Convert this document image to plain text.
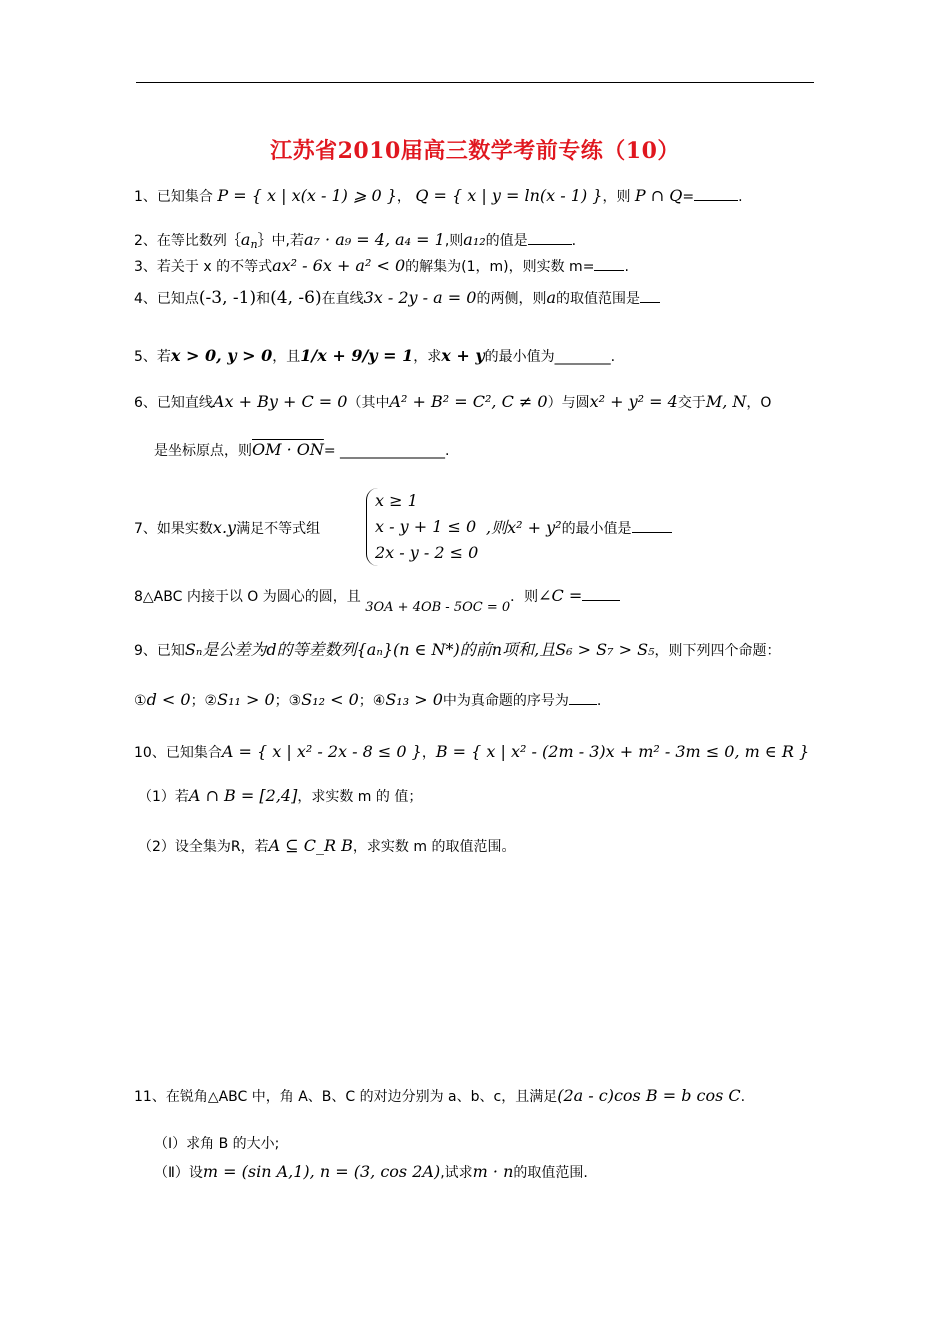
江苏省2010届高三数学考前专练（10）
1、已知集合 P = { x | x(x - 1) ⩾ 0 }， Q = { x | y = ln(x - 1) }，则 P ∩ Q=	.
2、在等比数列$\{a_n\}$中,若a₇ · a₉ = 4, a₄ = 1,则a₁₂的值是	.
3、若关于 x 的不等式ax² - 6x + a² < 0的解集为(1，m)，则实数 m= .
4、已知点(-3, -1)和(4, -6)在直线3x - 2y - a = 0的两侧，则a的取值范围是
5、若x > 0, y > 0，且1/x + 9/y = 1，求x + y的最小值为________.
6、已知直线Ax + By + C = 0（其中A² + B² = C², C ≠ 0）与圆x² + y² = 4交于M, N，O
是坐标原点，则OM · ON= _______________.
7、如果实数x.y满足不等式组
x ≥ 1
x - y + 1 ≤ 0
2x - y - 2 ≤ 0
,则x² + y²的最小值是
8△ABC 内接于以 O 为圆心的圆，且 3OA + 4OB - 5OC = 0．则∠C =
9、已知Sₙ是公差为d的等差数列{aₙ}(n ∈ N*)的前n项和,且S₆ > S₇ > S₅，则下列四个命题：
①d < 0；②S₁₁ > 0；③S₁₂ < 0；④S₁₃ > 0中为真命题的序号为 .
10、已知集合A = { x | x² - 2x - 8 ≤ 0 }，B = { x | x² - (2m - 3)x + m² - 3m ≤ 0, m ∈ R }
（1）若A ∩ B = [2,4]，求实数 m 的 值；
（2）设全集为R，若A ⊆ C_R B，求实数 m 的取值范围。
11、在锐角△ABC 中，角 A、B、C 的对边分别为 a、b、c，且满足(2a - c)cos B = b cos C.
（Ⅰ）求角 B 的大小;
（Ⅱ）设m = (sin A,1), n = (3, cos 2A),试求m · n的取值范围.
